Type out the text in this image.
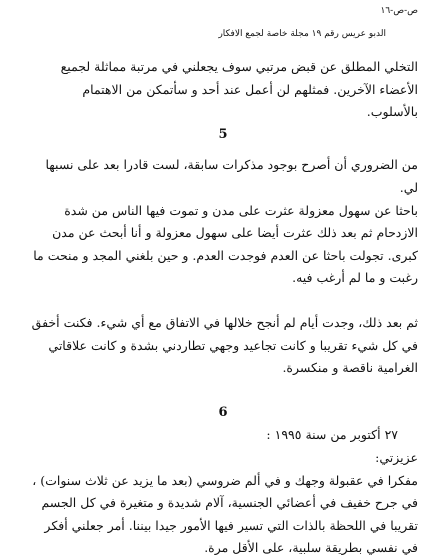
ص-ص-١٦
الدبو عريس رقم ١٩ مجلة خاصة لجمع الافكار

التخلي المطلق عن قبض مرتبي سوف يجعلني في مرتبة مماثلة لجميع الأعضاء الآخرين. فمثلهم لن أعمل عند أحد و سأتمكن من الاهتمام بالأسلوب.

5

من الضروري أن أصرح بوجود مذكرات سابقة، لست قادرا بعد على نسبها لي.

باحثا عن سهول معزولة عثرت على مدن و تموت فيها الناس من شدة الازدحام ثم بعد ذلك عثرت أيضا على سهول معزولة و أنا أبحث عن مدن كبرى. تجولت باحثا عن العدم فوجدت العدم. و حين بلغني المجد و منحت ما رغبت و ما لم أرغب فيه.

ثم بعد ذلك، وجدت أيام لم أنجح خلالها في الاتفاق مع أي شيء. فكنت أخفق في كل شيء تقريبا و كانت تجاعيد وجهي تطاردني بشدة و كانت علاقاتي الغرامية ناقصة و منكسرة.

6

٢٧ أكتوبر من سنة ١٩٩٥ :

عزيزتي:

مفكرا في عقبولة وجهك و في ألم ضروسي (بعد ما يزيد عن ثلاث سنوات) ، في جرح خفيف في أعضائي الجنسية، آلام شديدة و متغيرة في كل الجسم تقريبا في اللحظة بالذات التي تسير فيها الأمور جيدا بيننا. أمر جعلني أفكر في نفسي بطريقة سلبية، على الأقل مرة.
